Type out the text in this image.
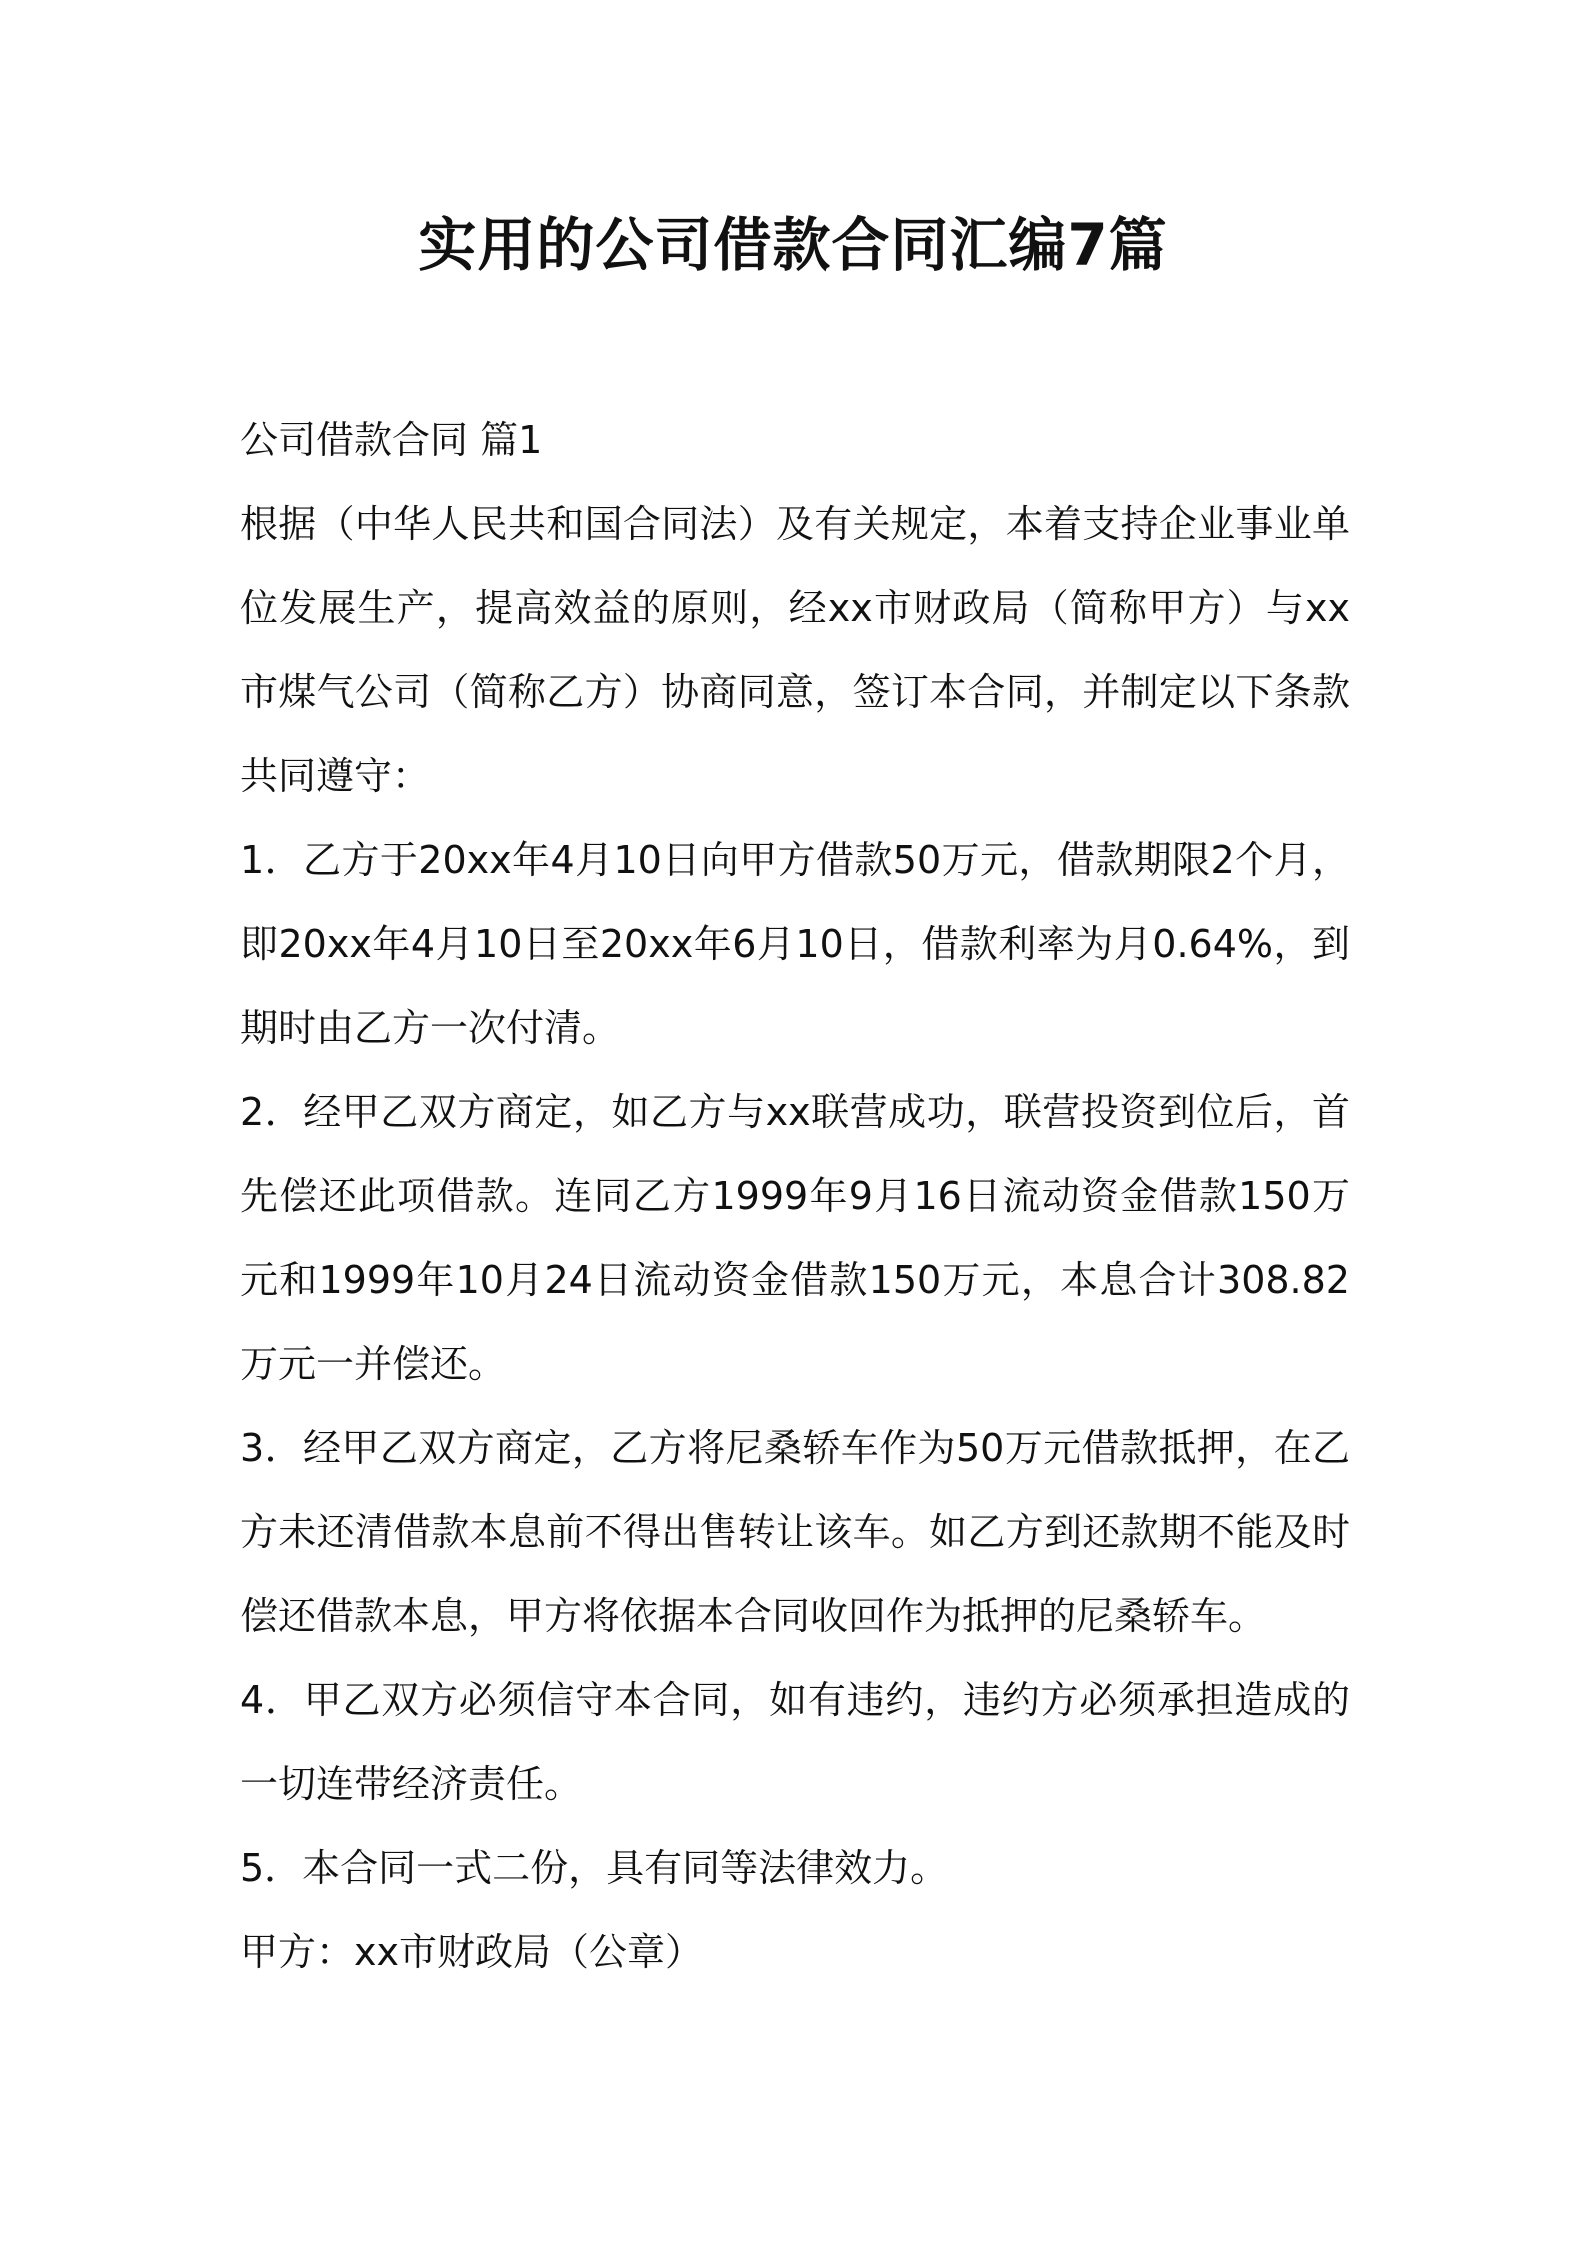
实用的公司借款合同汇编7篇

公司借款合同 篇1

根据（中华人民共和国合同法）及有关规定，本着支持企业事业单位发展生产，提高效益的原则，经xx市财政局（简称甲方）与xx市煤气公司（简称乙方）协商同意，签订本合同，并制定以下条款共同遵守：

1．乙方于20xx年4月10日向甲方借款50万元，借款期限2个月，即20xx年4月10日至20xx年6月10日，借款利率为月0.64%，到期时由乙方一次付清。

2．经甲乙双方商定，如乙方与xx联营成功，联营投资到位后，首先偿还此项借款。连同乙方1999年9月16日流动资金借款150万元和1999年10月24日流动资金借款150万元，本息合计308.82万元一并偿还。

3．经甲乙双方商定，乙方将尼桑轿车作为50万元借款抵押，在乙方未还清借款本息前不得出售转让该车。如乙方到还款期不能及时偿还借款本息，甲方将依据本合同收回作为抵押的尼桑轿车。

4．甲乙双方必须信守本合同，如有违约，违约方必须承担造成的一切连带经济责任。

5．本合同一式二份，具有同等法律效力。

甲方：xx市财政局（公章）
